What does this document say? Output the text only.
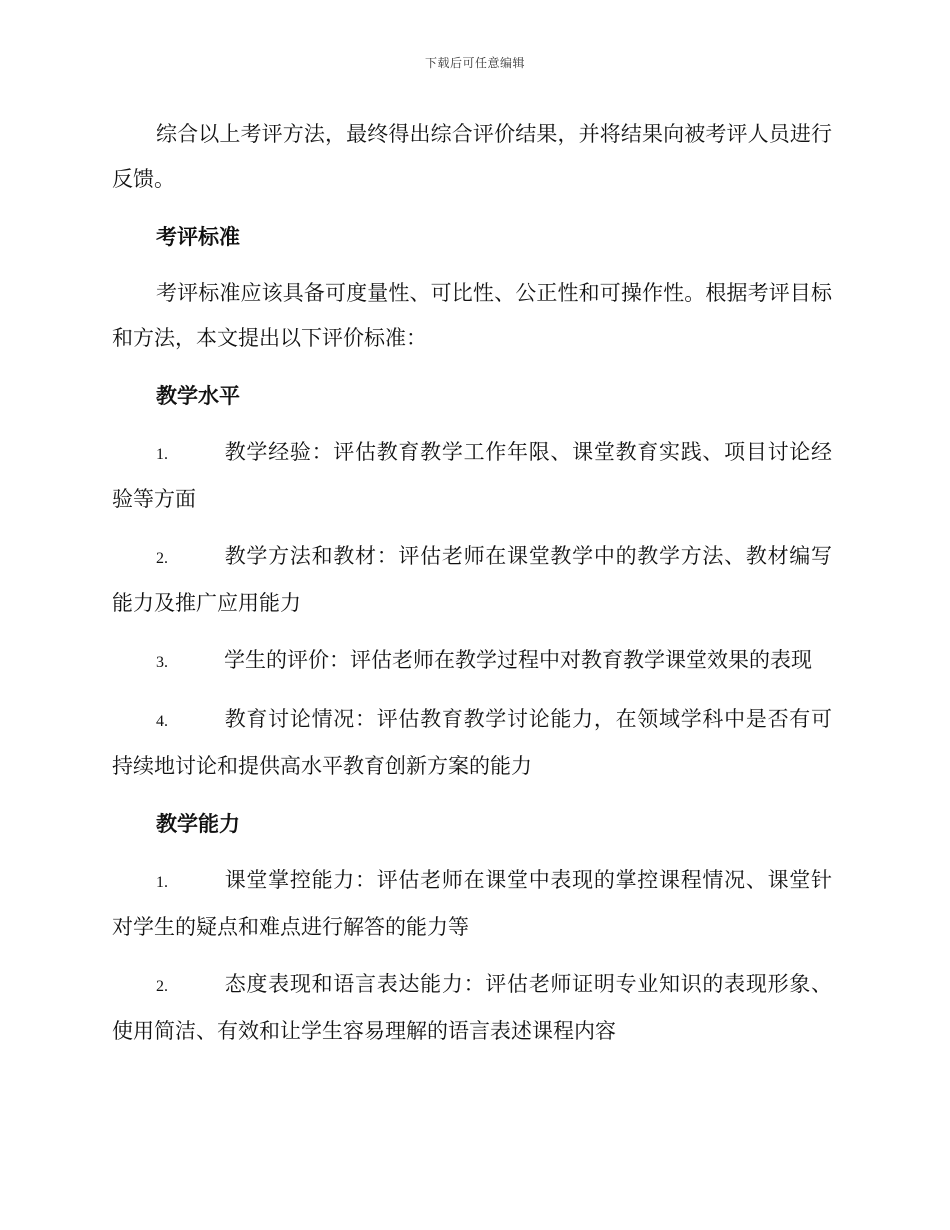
下载后可任意编辑

综合以上考评方法，最终得出综合评价结果，并将结果向被考评人员进行反馈。

考评标准

考评标准应该具备可度量性、可比性、公正性和可操作性。根据考评目标和方法，本文提出以下评价标准：

教学水平

1.	教学经验：评估教育教学工作年限、课堂教育实践、项目讨论经验等方面

2.	教学方法和教材：评估老师在课堂教学中的教学方法、教材编写能力及推广应用能力

3.	学生的评价：评估老师在教学过程中对教育教学课堂效果的表现

4.	教育讨论情况：评估教育教学讨论能力，在领域学科中是否有可持续地讨论和提供高水平教育创新方案的能力

教学能力

1.	课堂掌控能力：评估老师在课堂中表现的掌控课程情况、课堂针对学生的疑点和难点进行解答的能力等

2.	态度表现和语言表达能力：评估老师证明专业知识的表现形象、使用简洁、有效和让学生容易理解的语言表述课程内容
